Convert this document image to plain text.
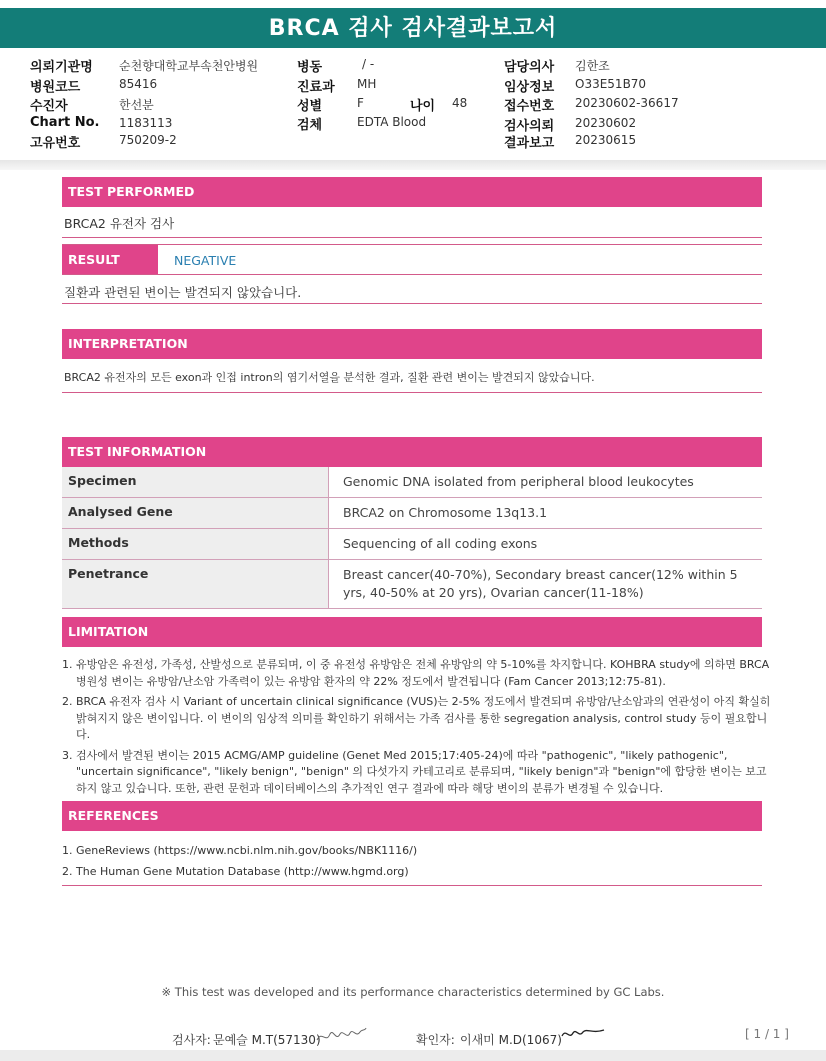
BRCA 검사 검사결과보고서
의뢰기관명 순천향대학교부속천안병원
병원코드	85416
수진자	한선분
Chart No. 1183113
고유번호	750209-2
병동	/ -
진료과 MH
성별	F	나이 48
검체	EDTA Blood
담당의사 김한조
임상정보 O33E51B70
접수번호 20230602-36617
검사의뢰 20230602
결과보고 20230615
TEST PERFORMED
BRCA2 유전자 검사
RESULT	NEGATIVE
질환과 관련된 변이는 발견되지 않았습니다.
INTERPRETATION
BRCA2 유전자의 모든 exon과 인접 intron의 염기서열을 분석한 결과, 질환 관련 변이는 발견되지 않았습니다.
TEST INFORMATION
Specimen	Genomic DNA isolated from peripheral blood leukocytes
Analysed Gene	BRCA2 on Chromosome 13q13.1
Methods	Sequencing of all coding exons
Penetrance	Breast cancer(40-70%), Secondary breast cancer(12% within 5 yrs, 40-50% at 20 yrs), Ovarian cancer(11-18%)
LIMITATION
1. 유방암은 유전성, 가족성, 산발성으로 분류되며, 이 중 유전성 유방암은 전체 유방암의 약 5-10%를 차지합니다. KOHBRA study에 의하면 BRCA 병원성 변이는 유방암/난소암 가족력이 있는 유방암 환자의 약 22% 정도에서 발견됩니다 (Fam Cancer 2013;12:75-81).
2. BRCA 유전자 검사 시 Variant of uncertain clinical significance (VUS)는 2-5% 정도에서 발견되며 유방암/난소암과의 연관성이 아직 확실히 밝혀지지 않은 변이입니다. 이 변이의 임상적 의미를 확인하기 위해서는 가족 검사를 통한 segregation analysis, control study 등이 필요합니다.
3. 검사에서 발견된 변이는 2015 ACMG/AMP guideline (Genet Med 2015;17:405-24)에 따라 "pathogenic", "likely pathogenic", "uncertain significance", "likely benign", "benign" 의 다섯가지 카테고리로 분류되며, "likely benign"과 "benign"에 합당한 변이는 보고하지 않고 있습니다. 또한, 관련 문헌과 데이터베이스의 추가적인 연구 결과에 따라 해당 변이의 분류가 변경될 수 있습니다.
REFERENCES
1. GeneReviews (https://www.ncbi.nlm.nih.gov/books/NBK1116/)
2. The Human Gene Mutation Database (http://www.hgmd.org)
※ This test was developed and its performance characteristics determined by GC Labs.
검사자: 문예슬 M.T(57130)	확인자: 이새미 M.D(1067)	[ 1 / 1 ]
